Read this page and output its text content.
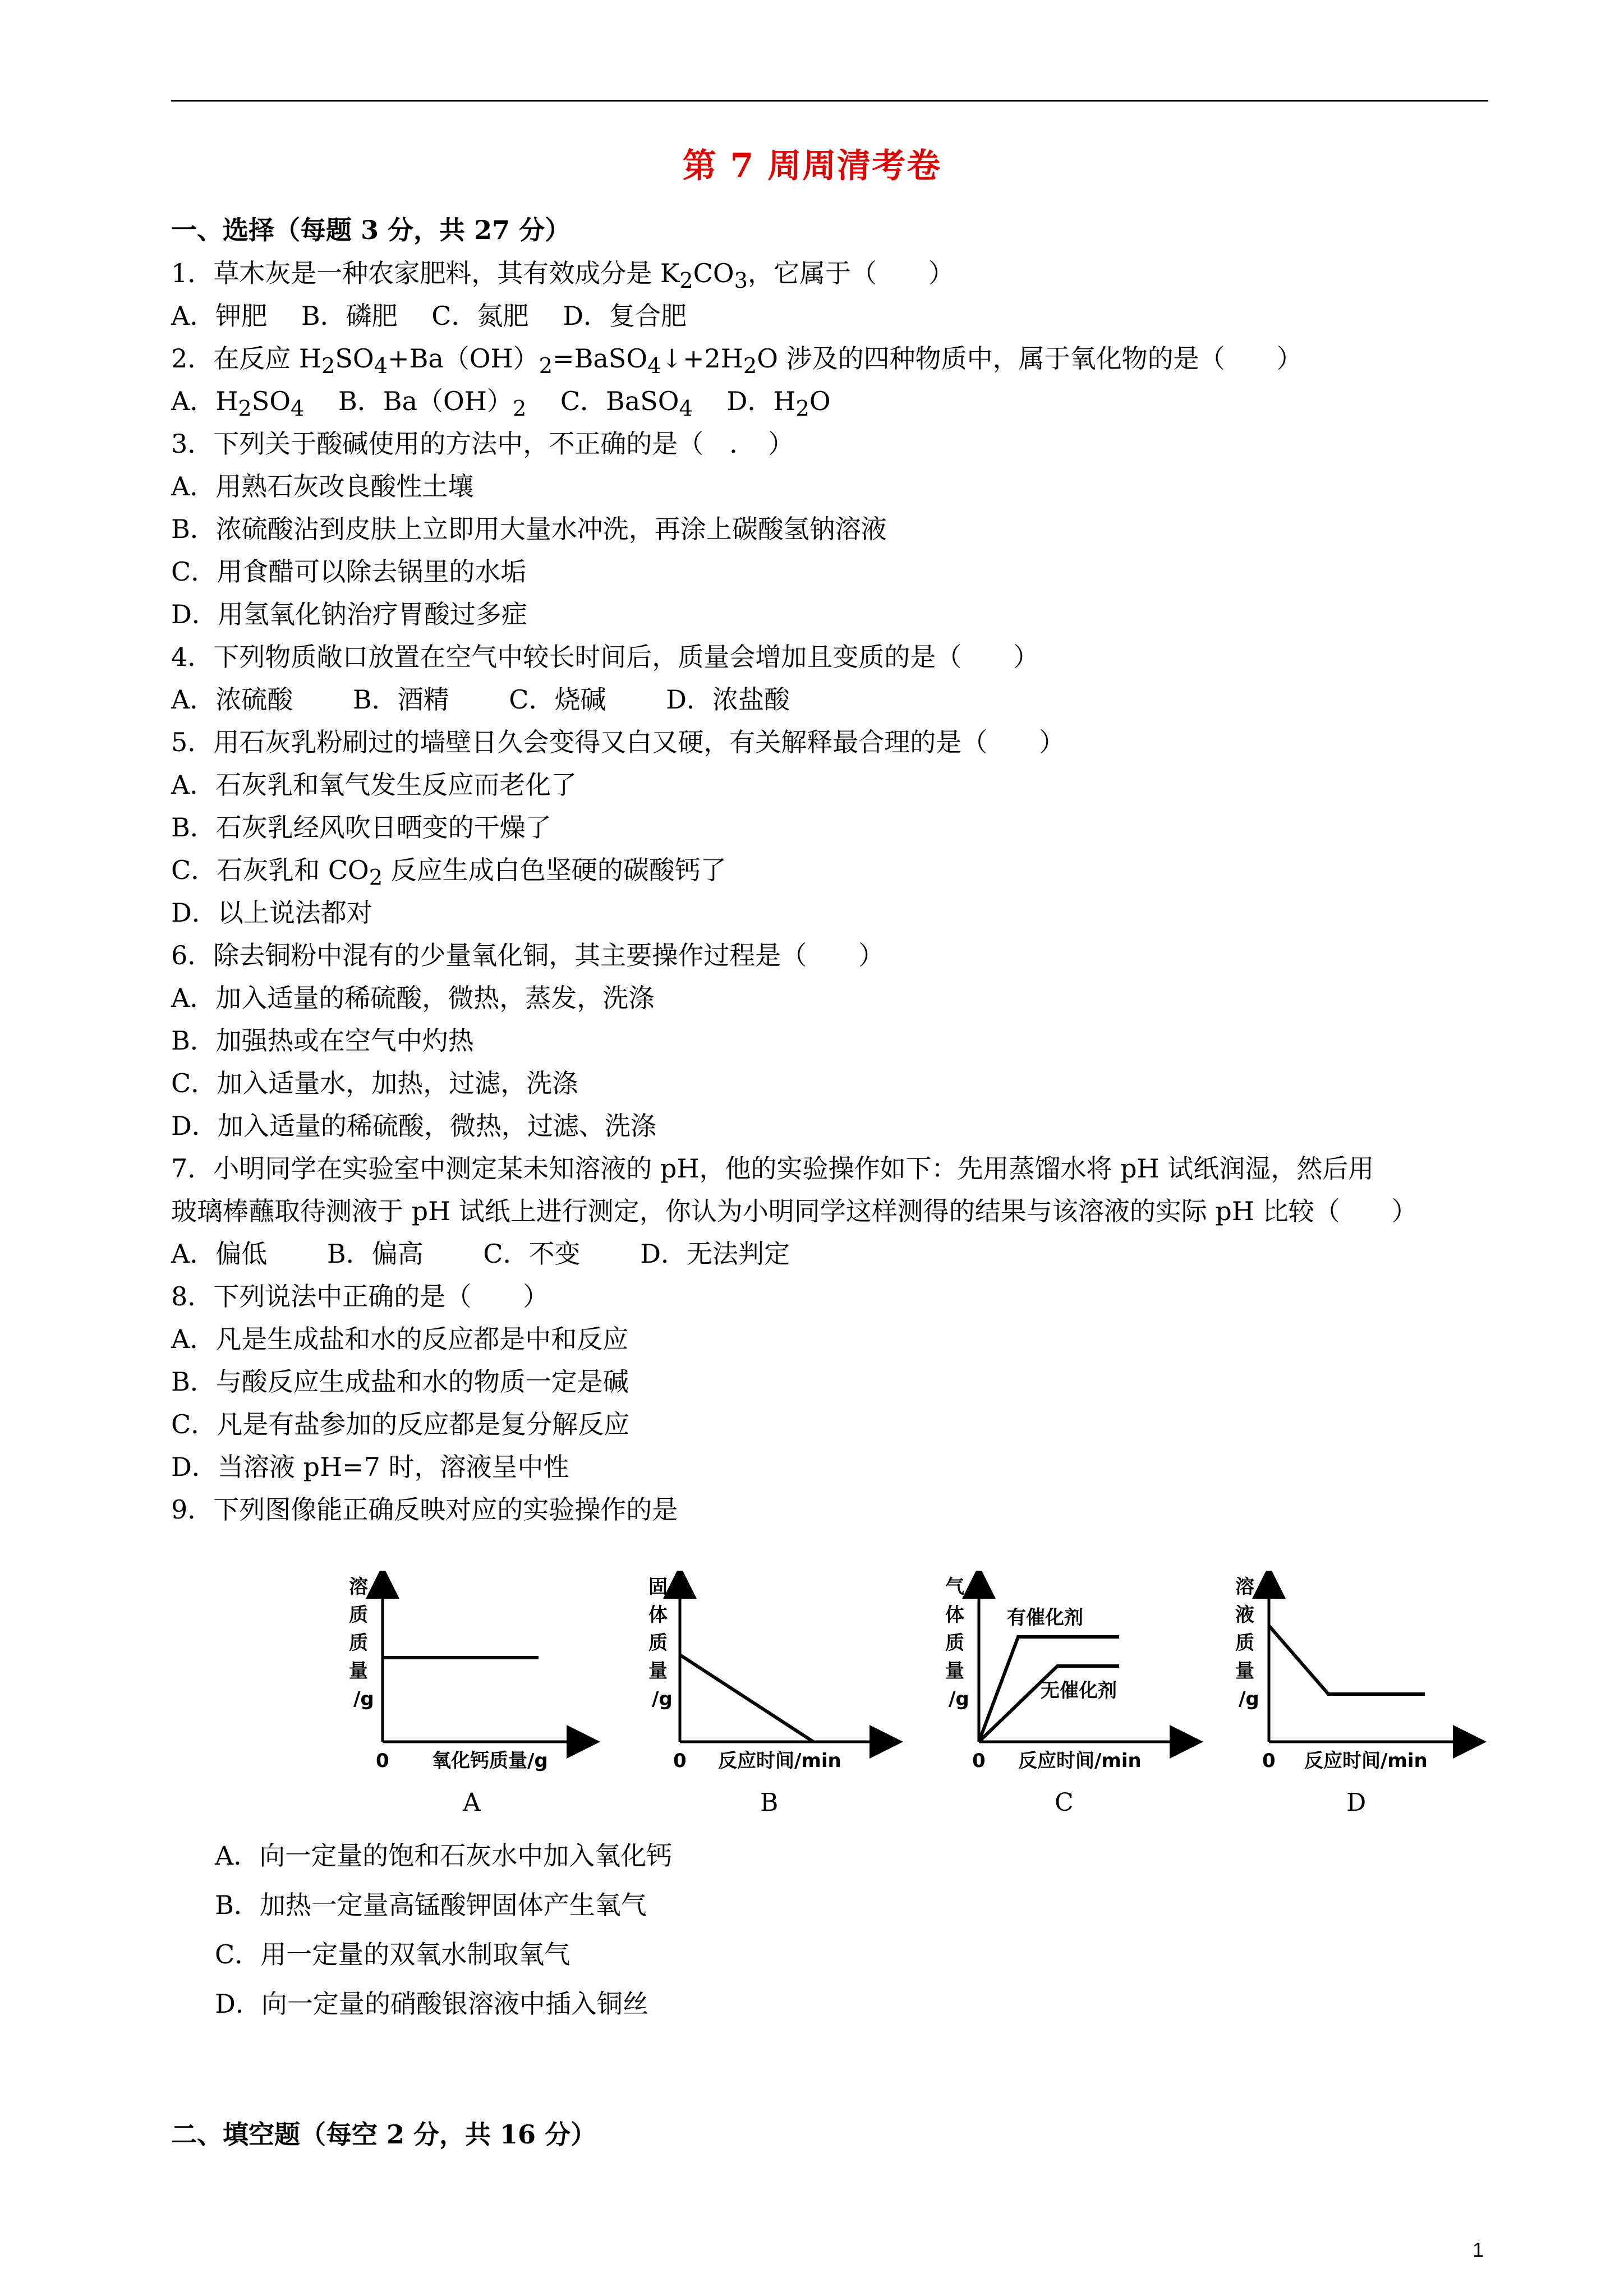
第 7 周周清考卷
一、选择（每题 3 分，共 27 分）
1．草木灰是一种农家肥料，其有效成分是 $K_2CO_3$，它属于（　　）
A．钾肥　 B．磷肥　 C．氮肥　 D．复合肥
2．在反应 $H_2SO_4+Ba(OH)_2=BaSO_4↓+2H_2O$ 涉及的四种物质中，属于氧化物的是（　　）
A．$H_2SO_4$　 B．$Ba(OH)_2$　 C．BaSO$_4$　 D．$H_2O$
3．下列关于酸碱使用的方法中，不正确的是（　．　）
A．用熟石灰改良酸性土壤
B．浓硫酸沾到皮肤上立即用大量水冲洗，再涂上碳酸氢钠溶液
C．用食醋可以除去锅里的水垢
D．用氢氧化钠治疗胃酸过多症
4．下列物质敞口放置在空气中较长时间后，质量会增加且变质的是（　　）
A．浓硫酸　　 B．酒精　　 C．烧碱　　 D．浓盐酸
5．用石灰乳粉刷过的墙壁日久会变得又白又硬，有关解释最合理的是（　　）
A．石灰乳和氧气发生反应而老化了
B．石灰乳经风吹日晒变的干燥了
C．石灰乳和 $CO_2$ 反应生成白色坚硬的碳酸钙了
D．以上说法都对
6．除去铜粉中混有的少量氧化铜，其主要操作过程是（　　）
A．加入适量的稀硫酸，微热，蒸发，洗涤
B．加强热或在空气中灼热
C．加入适量水，加热，过滤，洗涤
D．加入适量的稀硫酸，微热，过滤、洗涤
7．小明同学在实验室中测定某未知溶液的 pH，他的实验操作如下：先用蒸馏水将 pH 试纸润湿，然后用
玻璃棒蘸取待测液于 pH 试纸上进行测定，你认为小明同学这样测得的结果与该溶液的实际 pH 比较（　　）
A．偏低　　 B．偏高　　 C．不变　　 D．无法判定
8．下列说法中正确的是（　　）
A．凡是生成盐和水的反应都是中和反应
B．与酸反应生成盐和水的物质一定是碱
C．凡是有盐参加的反应都是复分解反应
D．当溶液 pH=7 时，溶液呈中性
9．下列图像能正确反映对应的实验操作的是
溶
质
质
量
/g
0 氧化钙质量/g
A
固
体
质
量
/g
0 反应时间/min
B
气
体
质
量
/g
0 反应时间/min
有催化剂
无催化剂
C
溶
液
质
量
/g
0 反应时间/min
D
A．向一定量的饱和石灰水中加入氧化钙
B．加热一定量高锰酸钾固体产生氧气
C．用一定量的双氧水制取氧气
D．向一定量的硝酸银溶液中插入铜丝
二、填空题（每空 2 分，共 16 分）
1
